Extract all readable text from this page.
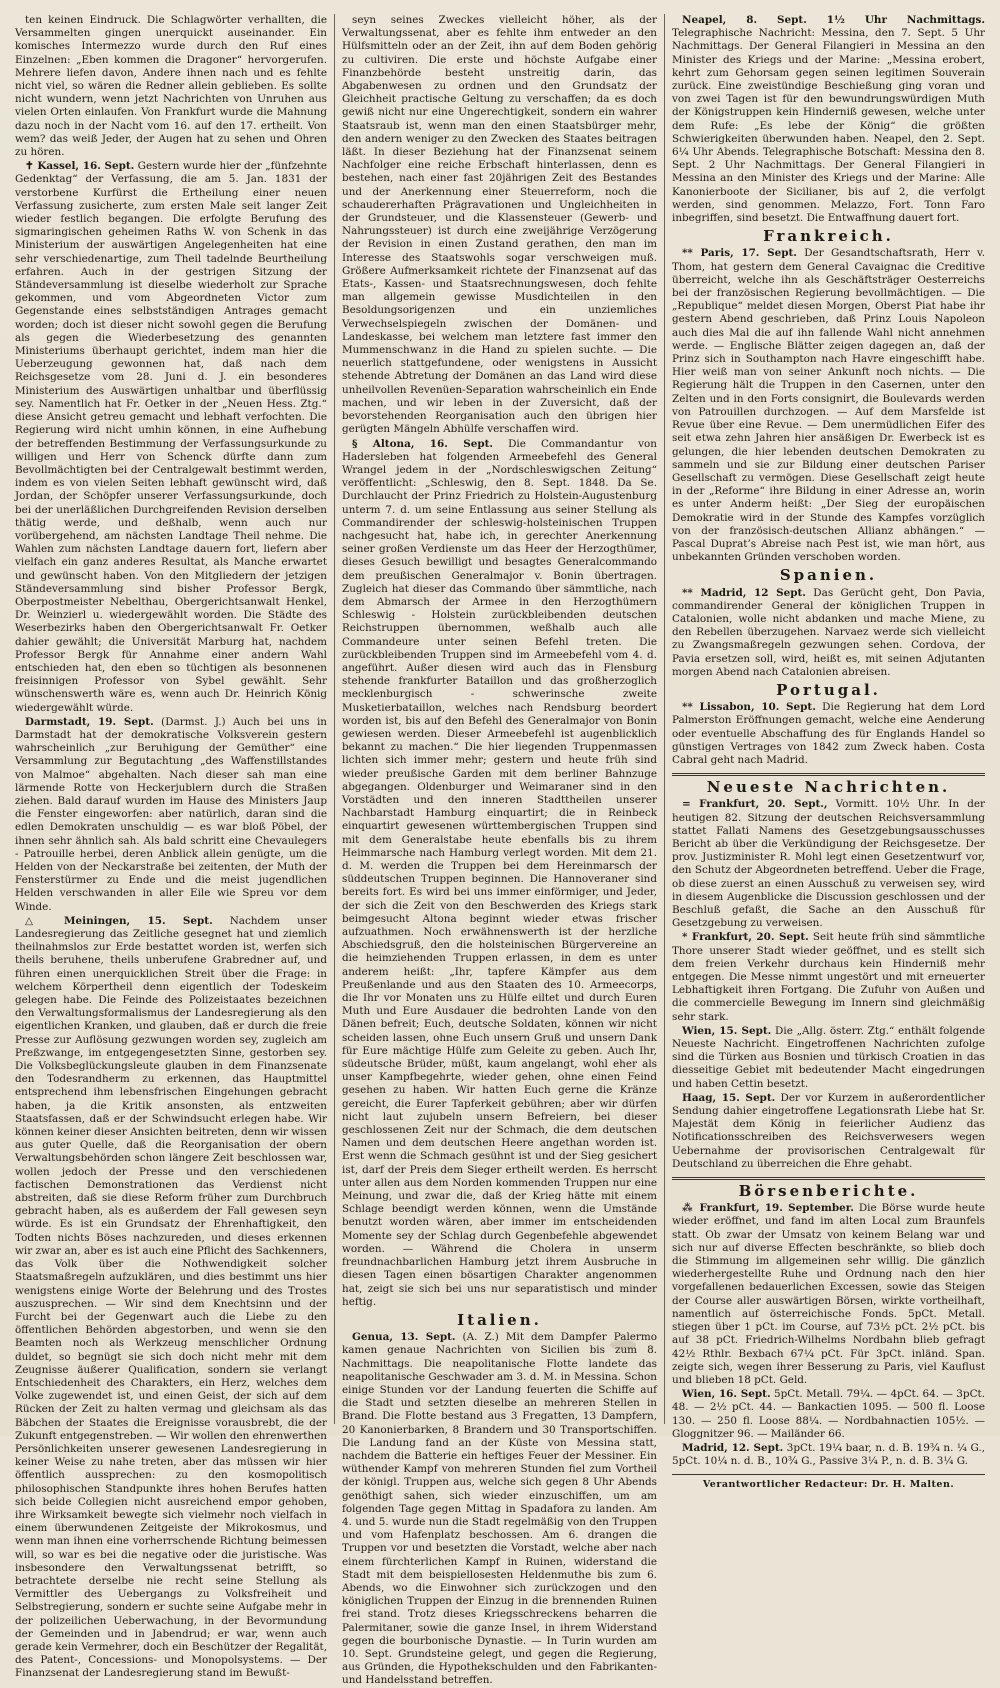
ten keinen Eindruck. Die Schlagwörter verhallten, die Versammelten gingen unerquickt auseinander. Ein komisches Intermezzo wurde durch den Ruf eines Einzelnen: „Eben kommen die Dragoner“ hervorgerufen. Mehrere liefen davon, Andere ihnen nach und es fehlte nicht viel, so wären die Redner allein geblieben. Es sollte nicht wundern, wenn jetzt Nachrichten von Unruhen aus vielen Orten einlaufen. Von Frankfurt wurde die Mahnung dazu noch in der Nacht vom 16. auf den 17. ertheilt. Von wem? das weiß Jeder, der Augen hat zu sehen und Ohren zu hören.

✝ Kassel, 16. Sept. Gestern wurde hier der „fünfzehnte Gedenktag“ der Verfassung, die am 5. Jan. 1831 der verstorbene Kurfürst die Ertheilung einer neuen Verfassung zusicherte, zum ersten Male seit langer Zeit wieder festlich begangen. Die erfolgte Berufung des sigmaringischen geheimen Raths W. von Schenk in das Ministerium der auswärtigen Angelegenheiten hat eine sehr verschiedenartige, zum Theil tadelnde Beurtheilung erfahren. Auch in der gestrigen Sitzung der Ständeversammlung ist dieselbe wiederholt zur Sprache gekommen, und vom Abgeordneten Victor zum Gegenstande eines selbstständigen Antrages gemacht worden; doch ist dieser nicht sowohl gegen die Berufung als gegen die Wiederbesetzung des genannten Ministeriums überhaupt gerichtet, indem man hier die Ueberzeugung gewonnen hat, daß nach dem Reichsgesetze vom 28. Juni d. J. ein besonderes Ministerium des Auswärtigen unhaltbar und überflüssig sey. Namentlich hat Fr. Oetker in der „Neuen Hess. Ztg.“ diese Ansicht getreu gemacht und lebhaft verfochten. Die Regierung wird nicht umhin können, in eine Aufhebung der betreffenden Bestimmung der Verfassungsurkunde zu willigen und Herr von Schenck dürfte dann zum Bevollmächtigten bei der Centralgewalt bestimmt werden, indem es von vielen Seiten lebhaft gewünscht wird, daß Jordan, der Schöpfer unserer Verfassungsurkunde, doch bei der unerläßlichen Durchgreifenden Revision derselben thätig werde, und deßhalb, wenn auch nur vorübergehend, am nächsten Landtage Theil nehme. Die Wahlen zum nächsten Landtage dauern fort, liefern aber vielfach ein ganz anderes Resultat, als Manche erwartet und gewünscht haben. Von den Mitgliedern der jetzigen Ständeversammlung sind bisher Professor Bergk, Oberpostmeister Nebelthau, Obergerichtsanwalt Henkel, Dr. Weinzierl u. wiedergewählt worden. Die Städte des Weserbezirks haben den Obergerichtsanwalt Fr. Oetker dahier gewählt; die Universität Marburg hat, nachdem Professor Bergk für Annahme einer andern Wahl entschieden hat, den eben so tüchtigen als besonnenen freisinnigen Professor von Sybel gewählt. Sehr wünschenswerth wäre es, wenn auch Dr. Heinrich König wiedergewählt würde.

Darmstadt, 19. Sept. (Darmst. J.) Auch bei uns in Darmstadt hat der demokratische Volksverein gestern wahrscheinlich „zur Beruhigung der Gemüther“ eine Versammlung zur Begutachtung „des Waffenstillstandes von Malmoe“ abgehalten. Nach dieser sah man eine lärmende Rotte von Heckerjublern durch die Straßen ziehen. Bald darauf wurden im Hause des Ministers Jaup die Fenster eingeworfen: aber natürlich, daran sind die edlen Demokraten unschuldig — es war bloß Pöbel, der ihnen sehr ähnlich sah. Als bald schritt eine Chevaulegers - Patrouille herbei, deren Anblick allein genügte, um die Helden von der Neckarstraße bei zeitenten, der Muth der Fensterstürmer zu Ende und die meist jugendlichen Helden verschwanden in aller Eile wie Spreu vor dem Winde.

△ Meiningen, 15. Sept. Nachdem unser Landesregierung das Zeitliche gesegnet hat und ziemlich theilnahmslos zur Erde bestattet worden ist, werfen sich theils beruhene, theils unberufene Grabredner auf, und führen einen unerquicklichen Streit über die Frage: in welchem Körpertheil denn eigentlich der Todeskeim gelegen habe. Die Feinde des Polizeistaates bezeichnen den Verwaltungsformalismus der Landesregierung als den eigentlichen Kranken, und glauben, daß er durch die freie Presse zur Auflösung gezwungen worden sey, zugleich am Preßzwange, im entgegengesetzten Sinne, gestorben sey. Die Volksbeglückungsleute glauben in dem Finanzsenate den Todesrandherm zu erkennen, das Hauptmittel entsprechend ihm lebensfrischen Eingehungen gebracht haben, ja die Kritik ansonsten, als entzweiten Staatsfassen, daß er der Schwindsucht erlegen habe. Wir können keiner dieser Ansichten beitreten, denn wir wissen aus guter Quelle, daß die Reorganisation der obern Verwaltungsbehörden schon längere Zeit beschlossen war, wollen jedoch der Presse und den verschiedenen factischen Demonstrationen das Verdienst nicht abstreiten, daß sie diese Reform früher zum Durchbruch gebracht haben, als es außerdem der Fall gewesen seyn würde. Es ist ein Grundsatz der Ehrenhaftigkeit, den Todten nichts Böses nachzureden, und dieses erkennen wir zwar an, aber es ist auch eine Pflicht des Sachkenners, das Volk über die Nothwendigkeit solcher Staatsmaßregeln aufzuklären, und dies bestimmt uns hier wenigstens einige Worte der Belehrung und des Trostes auszusprechen. — Wir sind dem Knechtsinn und der Furcht bei der Gegenwart auch die Liebe zu den öffentlichen Behörden abgestorben, und wenn sie den Beamten noch als Werkzeug menschlicher Ordnung duldet, so begnügt sie sich doch nicht mehr mit dem Zeugnisse äußerer Qualification, sondern sie verlangt Entschiedenheit des Charakters, ein Herz, welches dem Volke zugewendet ist, und einen Geist, der sich auf dem Rücken der Zeit zu halten vermag und gleichsam als das Bäbchen der Staates die Ereignisse vorausbrebt, die der Zukunft entgegenstreben. — Wir wollen den ehrenwerthen Persönlichkeiten unserer gewesenen Landesregierung in keiner Weise zu nahe treten, aber das müssen wir hier öffentlich aussprechen: zu den kosmopolitisch philosophischen Standpunkte ihres hohen Berufes hatten sich beide Collegien nicht ausreichend empor gehoben, ihre Wirksamkeit bewegte sich vielmehr noch vielfach in einem überwundenen Zeitgeiste der Mikrokosmus, und wenn man ihnen eine vorherrschende Richtung beimessen will, so war es bei die negative oder die juristische. Was insbesondere den Verwaltungssenat betrifft, so betrachtete derselbe nie recht seine Stellung als Vermittler des Uebergangs zu Volksfreiheit und Selbstregierung, sondern er suchte seine Aufgabe mehr in der polizeilichen Ueberwachung, in der Bevormundung der Gemeinden und in Jabendrud; er war, wenn auch gerade kein Vermehrer, doch ein Beschützer der Regalität, des Patent-, Concessions- und Monopolsystems. — Der Finanzsenat der Landesregierung stand im Bewußt-

seyn seines Zweckes vielleicht höher, als der Verwaltungssenat, aber es fehlte ihm entweder an den Hülfsmitteln oder an der Zeit, ihn auf dem Boden gehörig zu cultiviren. Die erste und höchste Aufgabe einer Finanzbehörde besteht unstreitig darin, das Abgabenwesen zu ordnen und den Grundsatz der Gleichheit practische Geltung zu verschaffen; da es doch gewiß nicht nur eine Ungerechtigkeit, sondern ein wahrer Staatsraub ist, wenn man den einen Staatsbürger mehr, den andern weniger zu den Zwecken des Staates beitragen läßt. In dieser Beziehung hat der Finanzsenat seinem Nachfolger eine reiche Erbschaft hinterlassen, denn es bestehen, nach einer fast 20jährigen Zeit des Bestandes und der Anerkennung einer Steuerreform, noch die schaudererhaften Prägravationen und Ungleichheiten in der Grundsteuer, und die Klassensteuer (Gewerb- und Nahrungssteuer) ist durch eine zweijährige Verzögerung der Revision in einen Zustand gerathen, den man im Interesse des Staatswohls sogar verschweigen muß. Größere Aufmerksamkeit richtete der Finanzsenat auf das Etats-, Kassen- und Staatsrechnungswesen, doch fehlte man allgemein gewisse Musdichteilen in den Besoldungsorigenzen und ein unziemliches Verwechselspiegeln zwischen der Domänen- und Landeskasse, bei welchem man letztere fast immer den Mummenschwanz in die Hand zu spielen suchte. — Die neuerlich stattgefundene, oder wenigstens in Aussicht stehende Abtretung der Domänen an das Land wird diese unheilvollen Revenüen-Separation wahrscheinlich ein Ende machen, und wir leben in der Zuversicht, daß der bevorstehenden Reorganisation auch den übrigen hier gerügten Mängeln Abhülfe verschaffen wird.

§ Altona, 16. Sept. Die Commandantur von Hadersleben hat folgenden Armeebefehl des General Wrangel jedem in der „Nordschleswigschen Zeitung“ veröffentlicht: „Schleswig, den 8. Sept. 1848. Da Se. Durchlaucht der Prinz Friedrich zu Holstein-Augustenburg unterm 7. d. um seine Entlassung aus seiner Stellung als Commandirender der schleswig-holsteinischen Truppen nachgesucht hat, habe ich, in gerechter Anerkennung seiner großen Verdienste um das Heer der Herzogthümer, dieses Gesuch bewilligt und besagtes Generalcommando dem preußischen Generalmajor v. Bonin übertragen. Zugleich hat dieser das Commando über sämmtliche, nach dem Abmarsch der Armee in den Herzogthümern Schleswig - Holstein zurückbleibenden deutschen Reichstruppen übernommen, weßhalb auch alle Commandeure unter seinen Befehl treten. Die zurückbleibenden Truppen sind im Armeebefehl vom 4. d. angeführt. Außer diesen wird auch das in Flensburg stehende frankfurter Bataillon und das großherzoglich mecklenburgisch - schwerinsche zweite Musketierbataillon, welches nach Rendsburg beordert worden ist, bis auf den Befehl des Generalmajor von Bonin gewiesen werden. Dieser Armeebefehl ist augenblicklich bekannt zu machen.“ Die hier liegenden Truppenmassen lichten sich immer mehr; gestern und heute früh sind wieder preußische Garden mit dem berliner Bahnzuge abgegangen. Oldenburger und Weimaraner sind in den Vorstädten und den inneren Stadttheilen unserer Nachbarstadt Hamburg einquartirt; die in Reinbeck einquartirt gewesenen württembergischen Truppen sind mit dem Generalstabe heute ebenfalls bis zu ihrem Heimmarsche nach Hamburg verlegt worden. Mit dem 21. d. M. werden die Truppen bei dem Hereinmarsch der süddeutschen Truppen beginnen. Die Hannoveraner sind bereits fort. Es wird bei uns immer einförmiger, und Jeder, der sich die Zeit von den Beschwerden des Kriegs stark beimgesucht Altona beginnt wieder etwas frischer aufzuathmen. Noch erwähnenswerth ist der herzliche Abschiedsgruß, den die holsteinischen Bürgervereine an die heimziehenden Truppen erlassen, in dem es unter anderem heißt: „Ihr, tapfere Kämpfer aus dem Preußenlande und aus den Staaten des 10. Armeecorps, die Ihr vor Monaten uns zu Hülfe eiltet und durch Euren Muth und Eure Ausdauer die bedrohten Lande von den Dänen befreit; Euch, deutsche Soldaten, können wir nicht scheiden lassen, ohne Euch unsern Gruß und unsern Dank für Eure mächtige Hülfe zum Geleite zu geben. Auch Ihr, südeutsche Brüder, müßt, kaum angelangt, wohl eher als unser Kampfbegehrte, wieder gehen, ohne einen Feind gesehen zu haben. Wir hatten Euch gerne die Kränze gereicht, die Eurer Tapferkeit gebühren; aber wir dürfen nicht laut zujubeln unsern Befreiern, bei dieser geschlossenen Zeit nur der Schmach, die dem deutschen Namen und dem deutschen Heere angethan worden ist. Erst wenn die Schmach gesühnt ist und der Sieg gesichert ist, darf der Preis dem Sieger ertheilt werden. Es herrscht unter allen aus dem Norden kommenden Truppen nur eine Meinung, und zwar die, daß der Krieg hätte mit einem Schlage beendigt werden können, wenn die Umstände benutzt worden wären, aber immer im entscheidenden Momente sey der Schlag durch Gegenbefehle abgewendet worden. — Während die Cholera in unserm freundnachbarlichen Hamburg jetzt ihrem Ausbruche in diesen Tagen einen bösartigen Charakter angenommen hat, zeigt sie sich bei uns nur separatistisch und minder heftig.

Italien.

Genua, 13. Sept. (A. Z.) Mit dem Dampfer Palermo kamen genaue Nachrichten von Sicilien bis zum 8. Nachmittags. Die neapolitanische Flotte landete das neapolitanische Geschwader am 3. d. M. in Messina. Schon einige Stunden vor der Landung feuerten die Schiffe auf die Stadt und setzten dieselbe an mehreren Stellen in Brand. Die Flotte bestand aus 3 Fregatten, 13 Dampfern, 20 Kanonierbarken, 8 Brandern und 30 Transportschiffen. Die Landung fand an der Küste von Messina statt, nachdem die Batterie ein heftiges Feuer der Messiner. Ein wüthender Kampf von mehreren Stunden fiel zum Vortheil der königl. Truppen aus, welche sich gegen 8 Uhr Abends genöthigt sahen, sich wieder einzuschiffen, um am folgenden Tage gegen Mittag in Spadafora zu landen. Am 4. und 5. wurde nun die Stadt regelmäßig von den Truppen und vom Hafenplatz beschossen. Am 6. drangen die Truppen vor und besetzten die Vorstadt, welche aber nach einem fürchterlichen Kampf in Ruinen, widerstand die Stadt mit dem beispiellosesten Heldenmuthe bis zum 6. Abends, wo die Einwohner sich zurückzogen und den königlichen Truppen der Einzug in die brennenden Ruinen frei stand. Trotz dieses Kriegsschreckens beharren die Palermitaner, sowie die ganze Insel, in ihrem Widerstand gegen die bourbonische Dynastie. — In Turin wurden am 10. Sept. Grundsteine gelegt, und gegen die Regierung, aus Gründen, die Hypothekschulden und den Fabrikanten- und Handelsstand betreffen.

Neapel, 8. Sept. 1½ Uhr Nachmittags. Telegraphische Nachricht: Messina, den 7. Sept. 5 Uhr Nachmittags. Der General Filangieri in Messina an den Minister des Kriegs und der Marine: „Messina erobert, kehrt zum Gehorsam gegen seinen legitimen Souverain zurück. Eine zweistündige Beschießung ging voran und von zwei Tagen ist für den bewundrungswürdigen Muth der Königstruppen kein Hinderniß gewesen, welche unter dem Rufe: „Es lebe der König“ die größten Schwierigkeiten überwunden haben. Neapel, den 2. Sept. 6¼ Uhr Abends. Telegraphische Botschaft: Messina den 8. Sept. 2 Uhr Nachmittags. Der General Filangieri in Messina an den Minister des Kriegs und der Marine: Alle Kanonierboote der Sicilianer, bis auf 2, die verfolgt werden, sind genommen. Melazzo, Fort. Tonn Faro inbegriffen, sind besetzt. Die Entwaffnung dauert fort.

Frankreich.

** Paris, 17. Sept. Der Gesandtschaftsrath, Herr v. Thom, hat gestern dem General Cavaignac die Creditive überreicht, welche ihn als Geschäftsträger Oesterreichs bei der französischen Regierung bevollmächtigen. — Die „Republique“ meldet diesen Morgen, Oberst Piat habe ihr gestern Abend geschrieben, daß Prinz Louis Napoleon auch dies Mal die auf ihn fallende Wahl nicht annehmen werde. — Englische Blätter zeigen dagegen an, daß der Prinz sich in Southampton nach Havre eingeschifft habe. Hier weiß man von seiner Ankunft noch nichts. — Die Regierung hält die Truppen in den Casernen, unter den Zelten und in den Forts consignirt, die Boulevards werden von Patrouillen durchzogen. — Auf dem Marsfelde ist Revue über eine Revue. — Dem unermüdlichen Eifer des seit etwa zehn Jahren hier ansäßigen Dr. Ewerbeck ist es gelungen, die hier lebenden deutschen Demokraten zu sammeln und sie zur Bildung einer deutschen Pariser Gesellschaft zu vermögen. Diese Gesellschaft zeigt heute in der „Reforme“ ihre Bildung in einer Adresse an, worin es unter Anderm heißt: „Der Sieg der europäischen Demokratie wird in der Stunde des Kampfes vorzüglich von der französisch-deutschen Allianz abhängen.“ — Pascal Duprat’s Abreise nach Pest ist, wie man hört, aus unbekannten Gründen verschoben worden.

Spanien.

** Madrid, 12 Sept. Das Gerücht geht, Don Pavia, commandirender General der königlichen Truppen in Catalonien, wolle nicht abdanken und mache Miene, zu den Rebellen überzugehen. Narvaez werde sich vielleicht zu Zwangsmaßregeln gezwungen sehen. Cordova, der Pavia ersetzen soll, wird, heißt es, mit seinen Adjutanten morgen Abend nach Catalonien abreisen.

Portugal.

** Lissabon, 10. Sept. Die Regierung hat dem Lord Palmerston Eröffnungen gemacht, welche eine Aenderung oder eventuelle Abschaffung des für Englands Handel so günstigen Vertrages von 1842 zum Zweck haben. Costa Cabral geht nach Madrid.

Neueste Nachrichten.

= Frankfurt, 20. Sept., Vormitt. 10½ Uhr. In der heutigen 82. Sitzung der deutschen Reichsversammlung stattet Fallati Namens des Gesetzgebungsausschusses Bericht ab über die Verkündigung der Reichsgesetze. Der prov. Justizminister R. Mohl legt einen Gesetzentwurf vor, den Schutz der Abgeordneten betreffend. Ueber die Frage, ob diese zuerst an einen Ausschuß zu verweisen sey, wird in diesem Augenblicke die Discussion geschlossen und der Beschluß gefaßt, die Sache an den Ausschuß für Gesetzgebung zu verweisen.

* Frankfurt, 20. Sept. Seit heute früh sind sämmtliche Thore unserer Stadt wieder geöffnet, und es stellt sich dem freien Verkehr durchaus kein Hinderniß mehr entgegen. Die Messe nimmt ungestört und mit erneuerter Lebhaftigkeit ihren Fortgang. Die Zufuhr von Außen und die commercielle Bewegung im Innern sind gleichmäßig sehr stark.

Wien, 15. Sept. Die „Allg. österr. Ztg.“ enthält folgende Neueste Nachricht. Eingetroffenen Nachrichten zufolge sind die Türken aus Bosnien und türkisch Croatien in das diesseitige Gebiet mit bedeutender Macht eingedrungen und haben Cettin besetzt.

Haag, 15. Sept. Der vor Kurzem in außerordentlicher Sendung dahier eingetroffene Legationsrath Liebe hat Sr. Majestät dem König in feierlicher Audienz das Notificationsschreiben des Reichsverwesers wegen Uebernahme der provisorischen Centralgewalt für Deutschland zu überreichen die Ehre gehabt.

Börsenberichte.

⁂ Frankfurt, 19. September. Die Börse wurde heute wieder eröffnet, und fand im alten Local zum Braunfels statt. Ob zwar der Umsatz von keinem Belang war und sich nur auf diverse Effecten beschränkte, so blieb doch die Stimmung im allgemeinen sehr willig. Die gänzlich wiederhergestellte Ruhe und Ordnung nach den hier vorgefallenen bedauerlichen Excessen, sowie das Steigen der Course aller auswärtigen Börsen, wirkte vortheilhaft, namentlich auf österreichische Fonds. 5pCt. Metall. stiegen über 1 pCt. im Course, auf 73½ pCt. 2½ pCt. bis auf 38 pCt. Friedrich-Wilhelms Nordbahn blieb gefragt 42½ Rthlr. Bexbach 67¼ pCt. Für 3pCt. inländ. Span. zeigte sich, wegen ihrer Besserung zu Paris, viel Kauflust und blieben 18 pCt. Geld.

Wien, 16. Sept. 5pCt. Metall. 79¼. — 4pCt. 64. — 3pCt. 48. — 2½ pCt. 44. — Bankactien 1095. — 500 fl. Loose 130. — 250 fl. Loose 88¼. — Nordbahnactien 105½. — Gloggnitzer 96. — Mailänder 66.

Madrid, 12. Sept. 3pCt. 19¼ baar, n. d. B. 19¾ n. ¼ G., 5pCt. 10¼ n. d. B., 10¾ G., Passive 3¼ P., n. d. B. 3¼ G.

Verantwortlicher Redacteur: Dr. H. Malten.
